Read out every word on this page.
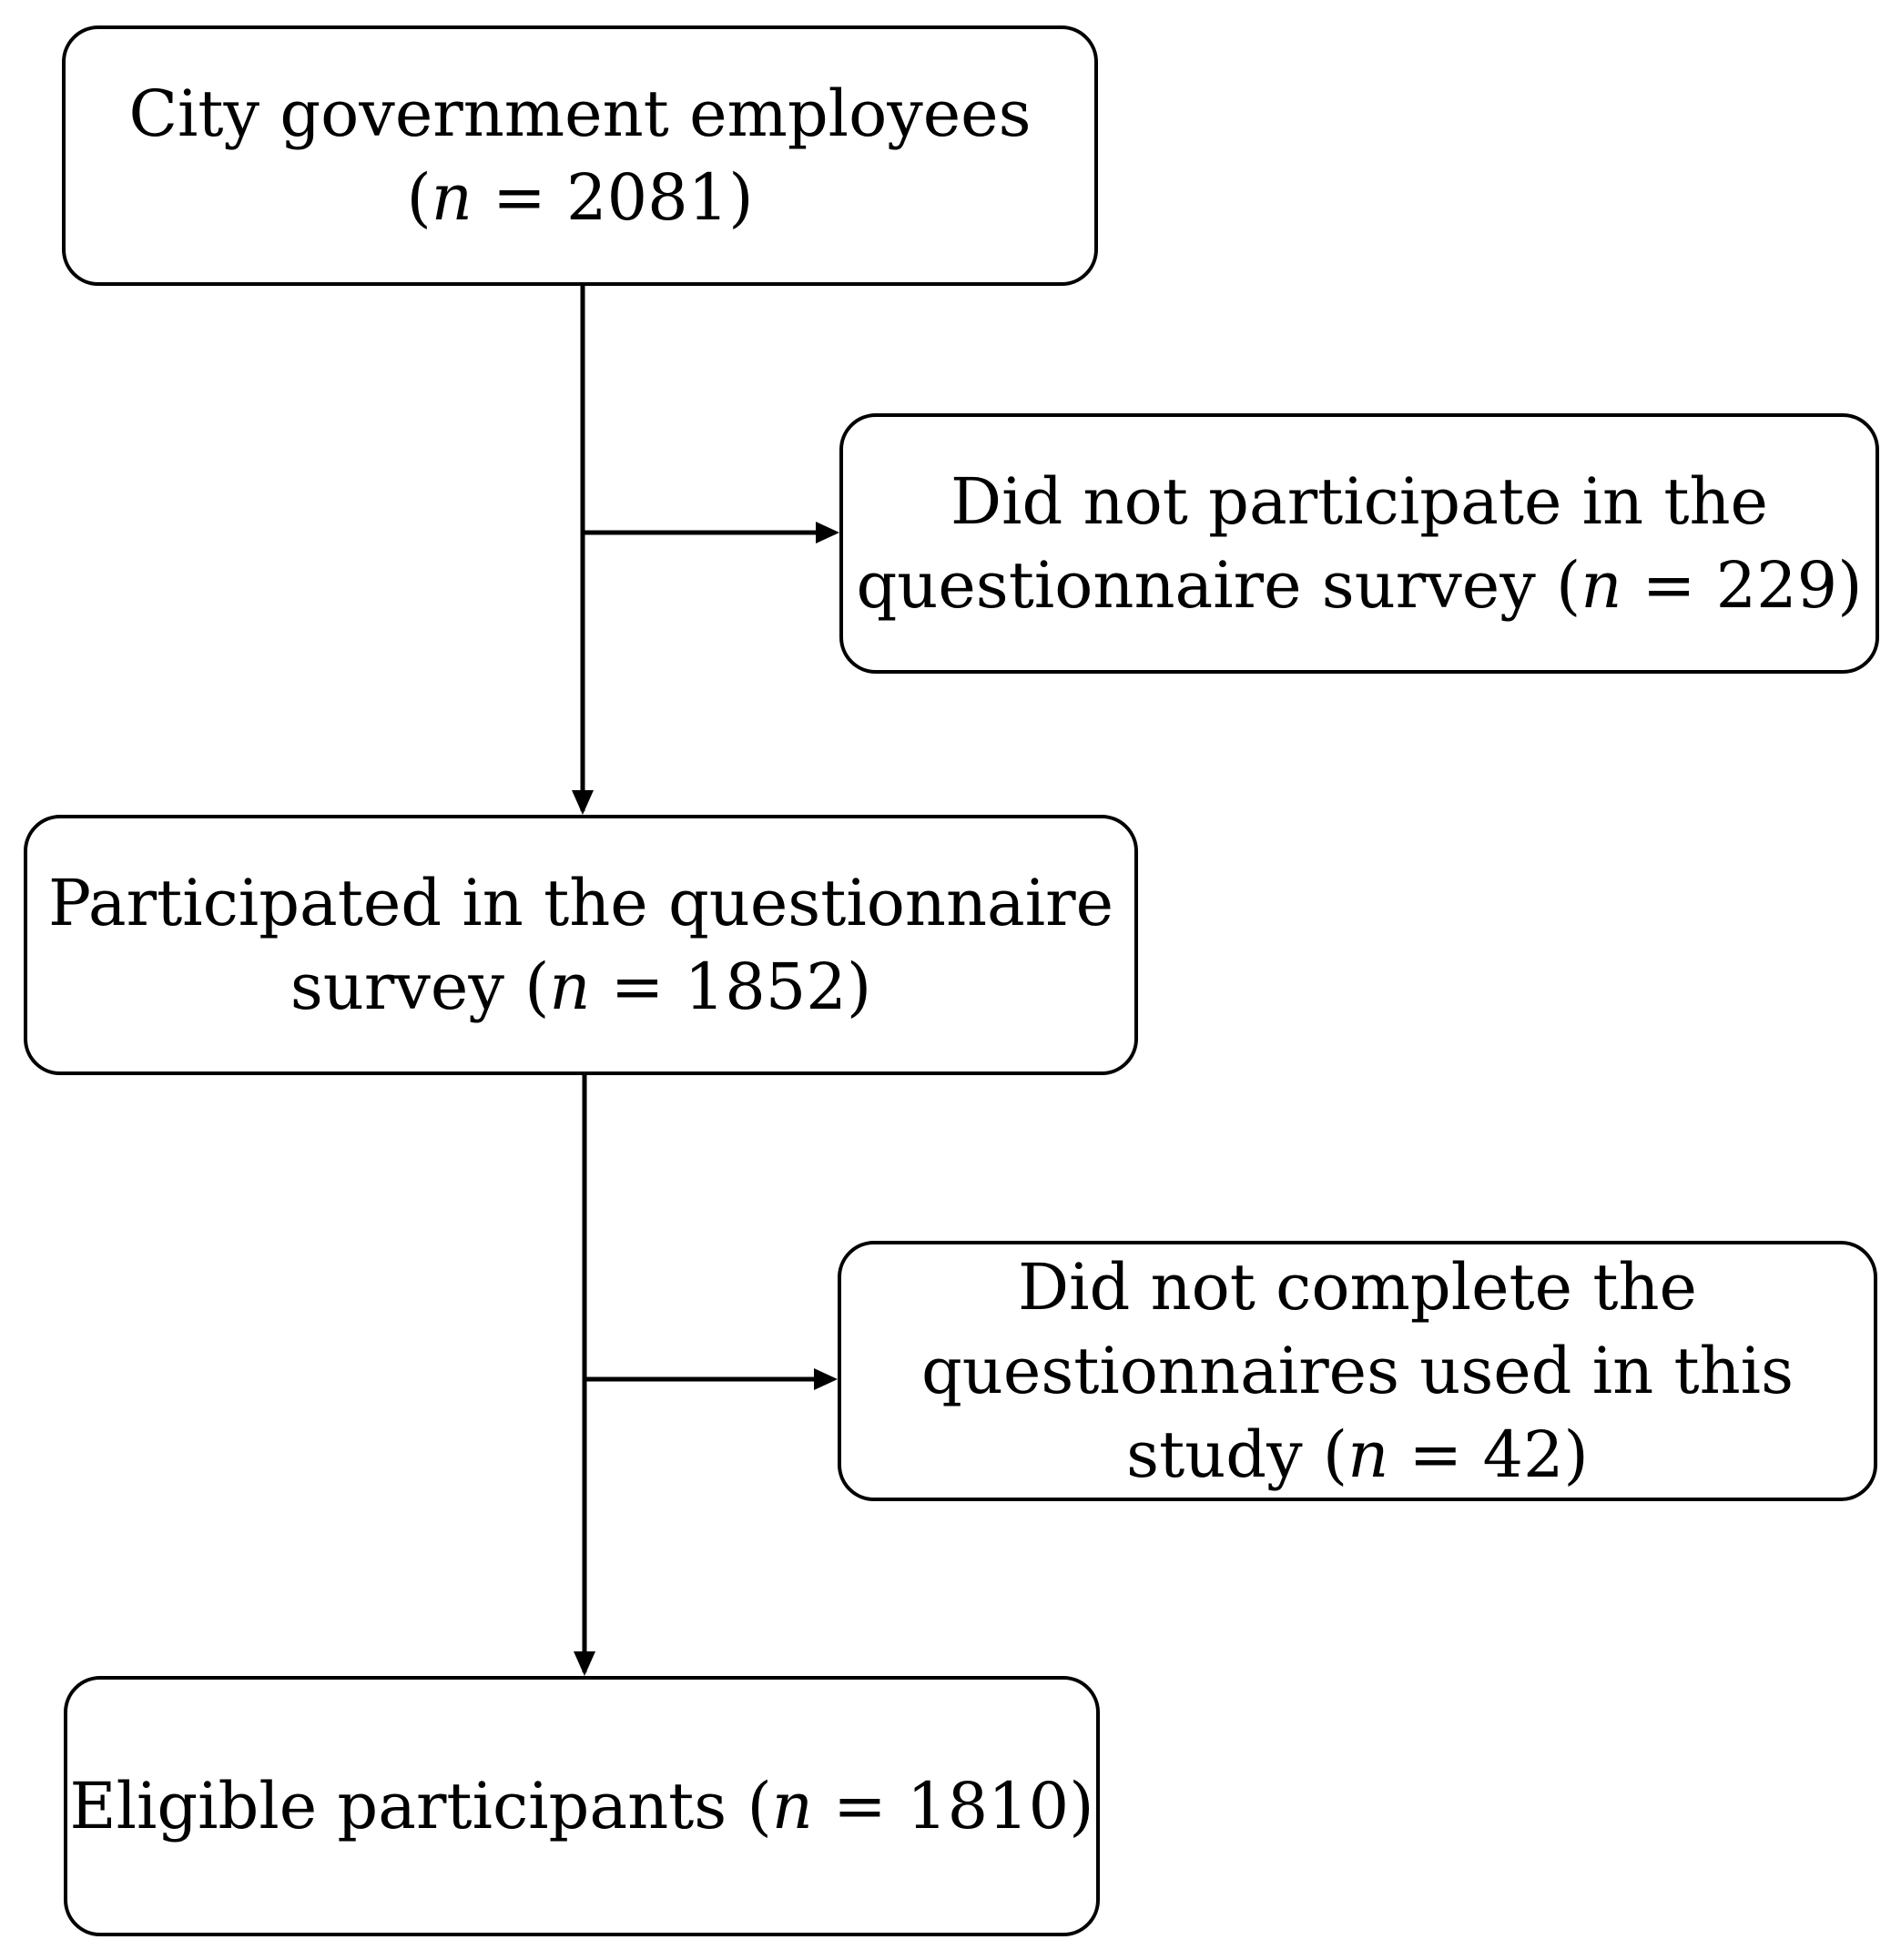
City government employees
(n = 2081)
Did not participate in the
questionnaire survey (n = 229)
Participated in the questionnaire
survey (n = 1852)
Did not complete the
questionnaires used in this
study (n = 42)
Eligible participants (n = 1810)
